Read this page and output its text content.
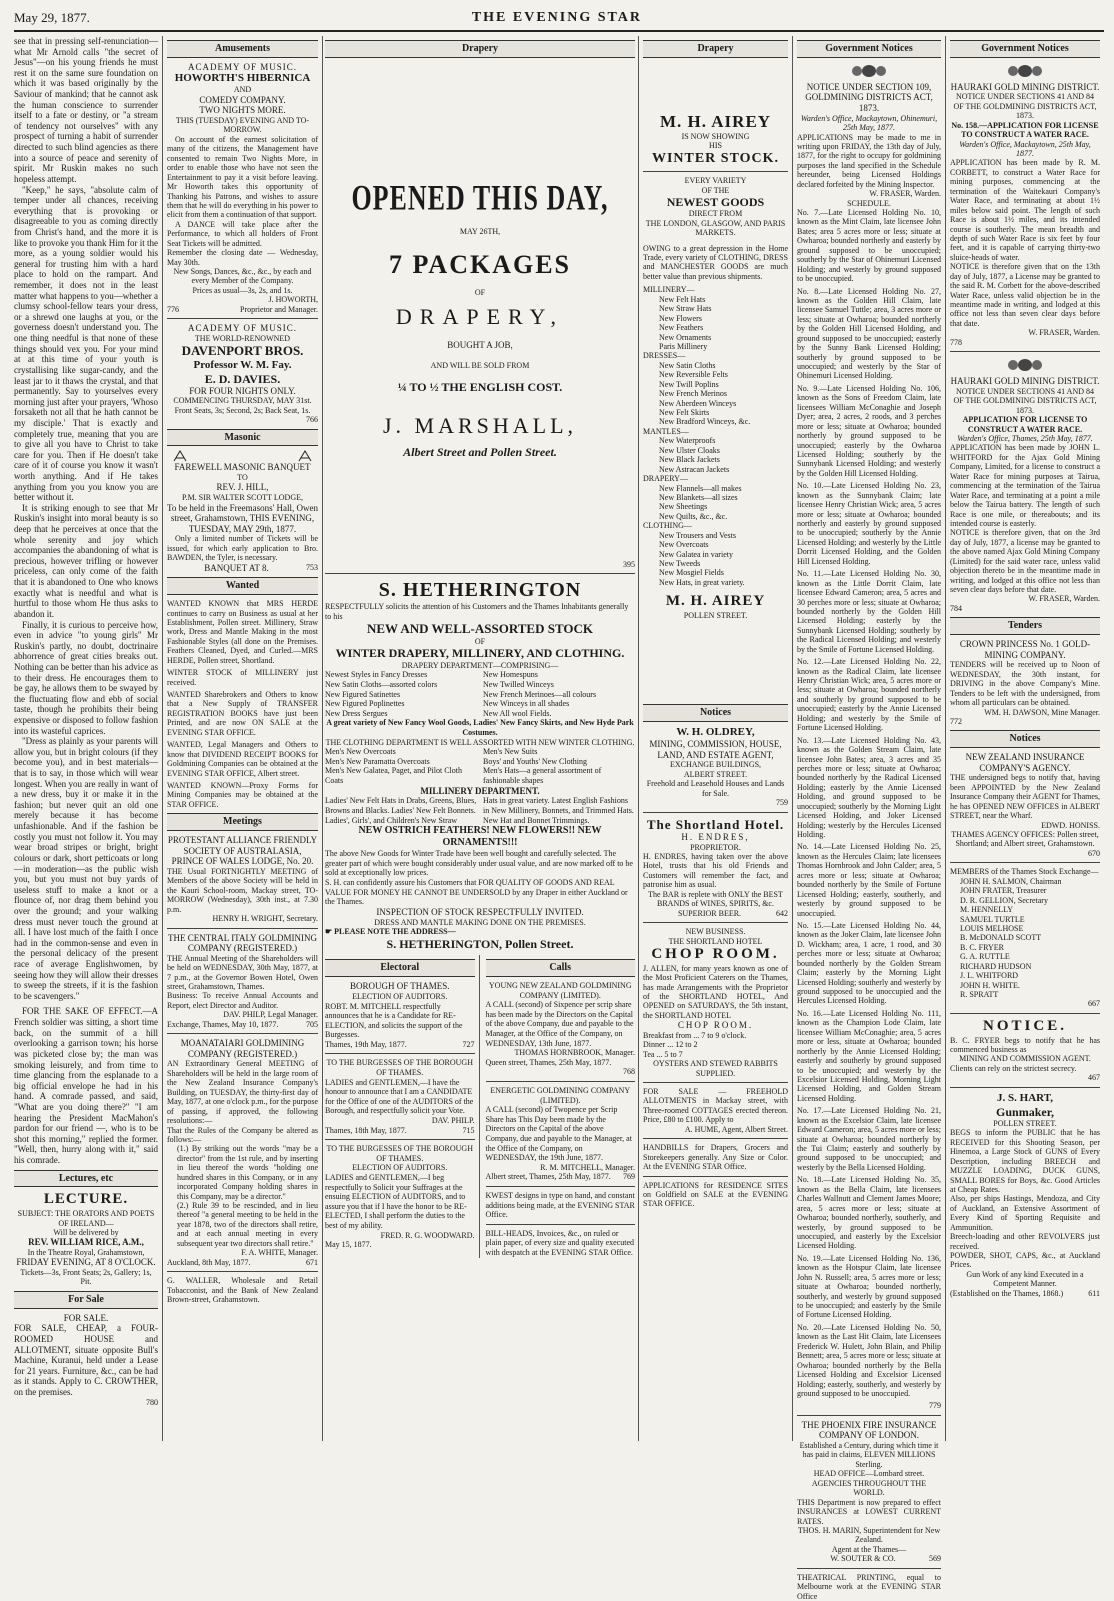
May 29, 1877.	THE EVENING STAR

see that in pressing self-renunciation— what Mr Arnold calls "the secret of Jesus"—on his young friends he must rest it on the same sure foundation on which it was based originally by the Saviour of mankind; that he cannot ask the human conscience to surrender itself to a fate or destiny, or "a stream of tendency not ourselves" with any prospect of turning a habit of surrender directed to such blind agencies as there into a source of peace and serenity of spirit. Mr Ruskin makes no such hopeless attempt.

"Keep," he says, "absolute calm of temper under all chances, receiving everything that is provoking or disagreeable to you as coming directly from Christ's hand, and the more it is like to provoke you thank Him for it the more, as a young soldier would his general for trusting him with a hard place to hold on the rampart. And remember, it does not in the least matter what happens to you—whether a clumsy school-fellow tears your dress, or a shrewd one laughs at you, or the governess doesn't understand you. The one thing needful is that none of these things should vex you. For your mind at at this time of your youth is crystallising like sugar-candy, and the least jar to it thaws the crystal, and that permanently. Say to yourselves every morning just after your prayers, 'Whoso forsaketh not all that he hath cannot be my disciple.' That is exactly and completely true, meaning that you are to give all you have to Christ to take care for you. Then if He doesn't take care of it of course you know it wasn't worth anything. And if He takes anything from you you know you are better without it.

It is striking enough to see that Mr Ruskin's insight into moral beauty is so deep that he perceives at once that the whole serenity and joy which accompanies the abandoning of what is precious, however trifling or however priceless, can only come of the faith that it is abandoned to One who knows exactly what is needful and what is hurtful to those whom He thus asks to abandon it.

Finally, it is curious to perceive how, even in advice "to young girls" Mr Ruskin's partly, no doubt, doctrinaire abhorrence of great cities breaks out. Nothing can be better than his advice as to their dress. He encourages them to be gay, he allows them to be swayed by the fluctuating flow and ebb of social taste, though he prohibits their being expensive or disposed to follow fashion into its wasteful caprices.

"Dress as plainly as your parents will allow you, but in bright colours (if they become you), and in best materials—that is to say, in those which will wear longest. When you are really in want of a new dress, buy it or make it in the fashion; but never quit an old one merely because it has become unfashionable. And if the fashion be costly you must not follow it. You may wear broad stripes or bright, bright colours or dark, short petticoats or long—in moderation—as the public wish you, but you must not buy yards of useless stuff to make a knot or a flounce of, nor drag them behind you over the ground; and your walking dress must never touch the ground at all. I have lost much of the faith I once had in the common-sense and even in the personal delicacy of the present race of average Englishwomen, by seeing how they will allow their dresses to sweep the streets, if it is the fashion to be scavengers."

FOR THE SAKE OF EFFECT.—A French soldier was sitting, a short time back, on the summit of a hill overlooking a garrison town; his horse was picketed close by; the man was smoking leisurely, and from time to time glancing from the esplanade to a big official envelope he had in his hand. A comrade passed, and said, "What are you doing there?" "I am hearing the President MacMahon's pardon for our friend —, who is to be shot this morning," replied the former. "Well, then, hurry along with it," said his comrade.

Lectures, etc
LECTURE.
SUBJECT: THE ORATORS AND POETS OF IRELAND—
Will be delivered by
REV. WILLIAM RICE, A.M.,
In the Theatre Royal, Grahamstown,
FRIDAY EVENING, AT 8 O'CLOCK.
Tickets—3s, Front Seats; 2s, Gallery; 1s, Pit.
For Sale
FOR SALE.

FOR SALE, CHEAP, a FOUR-ROOMED HOUSE and ALLOTMENT, situate opposite Bull's Machine, Kuranui, held under a Lease for 21 years. Furniture, &c., can be had as it stands. Apply to C. CROWTHER, on the premises.

780
Amusements
ACADEMY OF MUSIC.
HOWORTH'S HIBERNICA
AND
COMEDY COMPANY.
TWO NIGHTS MORE.
THIS (TUESDAY) EVENING AND TO-MORROW.

On account of the earnest solicitation of many of the citizens, the Management have consented to remain Two Nights More, in order to enable those who have not seen the Entertainment to pay it a visit before leaving. Mr Howorth takes this opportunity of Thanking his Patrons, and wishes to assure them that he will do everything in his power to elicit from them a continuation of that support.

A DANCE will take place after the Performance, to which all holders of Front Seat Tickets will be admitted.

Remember the closing date — Wednesday, May 30th.

New Songs, Dances, &c., &c., by each and every Member of the Company.

Prices as usual—3s, 2s, and 1s.

J. HOWORTH,
776	Proprietor and Manager.
ACADEMY OF MUSIC.
THE WORLD-RENOWNED
DAVENPORT BROS.
Professor W. M. Fay.
E. D. DAVIES.
FOR FOUR NIGHTS ONLY.
COMMENCING THURSDAY, MAY 31st.
Front Seats, 3s; Second, 2s; Back Seat, 1s.
766
Masonic
FAREWELL MASONIC BANQUET
TO
REV. J. HILL,
P.M. SIR WALTER SCOTT LODGE,

To be held in the Freemasons' Hall, Owen street, Grahamstown, THIS EVENING, TUESDAY, MAY 29th, 1877.

Only a limited number of Tickets will be issued, for which early application to Bro. BAWDEN, the Tyler, is necessary.

BANQUET AT 8.	753
Wanted

WANTED KNOWN that MRS HERDE continues to carry on Business as usual at her Establishment, Pollen street. Millinery, Straw work, Dress and Mantle Making in the most Fashionable Styles (all done on the Premises. Feathers Cleaned, Dyed, and Curled.—MRS HERDE, Pollen street, Shortland.

WINTER STOCK of MILLINERY just received.

WANTED Sharebrokers and Others to know that a New Supply of TRANSFER REGISTRATION BOOKS have just been Printed, and are now ON SALE at the EVENING STAR OFFICE.

WANTED, Legal Managers and Others to know that DIVIDEND RECEIPT BOOKS for Goldmining Companies can be obtained at the EVENING STAR OFFICE, Albert street.

WANTED KNOWN—Proxy Forms for Mining Companies may be obtained at the STAR OFFICE.

Meetings
PROTESTANT ALLIANCE FRIENDLY SOCIETY OF AUSTRALASIA, PRINCE OF WALES LODGE, No. 20.

THE Usual FORTNIGHTLY MEETING of Members of the above Society will be held in the Kauri School-room, Mackay street, TO-MORROW (Wednesday), 30th inst., at 7.30 p.m.

HENRY H. WRIGHT, Secretary.
THE CENTRAL ITALY GOLDMINING COMPANY (REGISTERED.)

THE Annual Meeting of the Shareholders will be held on WEDNESDAY, 30th May, 1877, at 7 p.m., at the Governor Bowen Hotel, Owen street, Grahamstown, Thames.

Business: To receive Annual Accounts and Report, elect Director and Auditor.

DAV. PHILP, Legal Manager.
Exchange, Thames, May 10, 1877.	705
MOANATAIARI GOLDMINING COMPANY (REGISTERED.)

AN Extraordinary General MEETING of Shareholders will be held in the large room of the New Zealand Insurance Company's Building, on TUESDAY, the thirty-first day of May, 1877, at one o'clock p.m., for the purpose of passing, if approved, the following resolutions:—

That the Rules of the Company be altered as follows:—

(1.) By striking out the words "may be a director" from the 1st rule, and by inserting in lieu thereof the words "holding one hundred shares in this Company, or in any incorporated Company holding shares in this Company, may be a director."

(2.) Rule 39 to be rescinded, and in lieu thereof "a general meeting to be held in the year 1878, two of the directors shall retire, and at each annual meeting in every subsequent year two directors shall retire."

F. A. WHITE, Manager.
Auckland, 8th May, 1877.	671

G. WALLER, Wholesale and Retail Tobacconist, and the Bank of New Zealand Brown-street, Grahamstown.

Drapery
OPENED THIS DAY,
MAY 26TH,
7 PACKAGES
OF
DRAPERY,
BOUGHT A JOB,
AND WILL BE SOLD FROM
¼ TO ½ THE ENGLISH COST.
J. MARSHALL,
Albert Street and Pollen Street.
395
S. HETHERINGTON

RESPECTFULLY solicits the attention of his Customers and the Thames Inhabitants generally to his

NEW AND WELL-ASSORTED STOCK
OF
WINTER DRAPERY, MILLINERY, AND CLOTHING.
DRAPERY DEPARTMENT—COMPRISING—
Newest Styles in Fancy Dresses
New Satin Cloths—assorted colors
New Figured Satinettes
New Figured Poplinettes
New Dress Sergues
New Homespuns
New Twilled Winceys
New French Merinoes—all colours
New Winceys in all shades
New All wool Fields.

A great variety of New Fancy Wool Goods, Ladies' New Fancy Skirts, and New Hyde Park Costumes.

THE CLOTHING DEPARTMENT IS WELL ASSORTED WITH NEW WINTER CLOTHING.
Men's New Overcoats
Men's New Paramatta Overcoats
Men's New Galatea, Paget, and Pilot Cloth Coats
Men's New Suits
Boys' and Youths' New Clothing
Men's Hats—a general assortment of fashionable shapes
MILLINERY DEPARTMENT.
Ladies' New Felt Hats in Drabs, Greens, Blues, Browns and Blacks. Ladies' New Felt Bonnets. Ladies', Girls', and Children's New Straw
Hats in great variety. Latest English Fashions in New Millinery, Bonnets, and Trimmed Hats. New Hat and Bonnet Trimmings.
NEW OSTRICH FEATHERS! NEW FLOWERS!! NEW ORNAMENTS!!!

The above New Goods for Winter Trade have been well bought and carefully selected. The greater part of which were bought considerably under usual value, and are now marked off to be sold at exceptionally low prices.

S. H. can confidently assure his Customers that FOR QUALITY OF GOODS AND REAL VALUE FOR MONEY HE CANNOT BE UNDERSOLD by any Draper in either Auckland or the Thames.

INSPECTION OF STOCK RESPECTFULLY INVITED.
DRESS AND MANTLE MAKING DONE ON THE PREMISES.
☛ PLEASE NOTE THE ADDRESS—
S. HETHERINGTON, Pollen Street.
Electoral
BOROUGH OF THAMES.
ELECTION OF AUDITORS.

ROBT. M. MITCHELL respectfully announces that he is a Candidate for RE-ELECTION, and solicits the support of the Burgesses.

Thames, 19th May, 1877.	727
TO THE BURGESSES OF THE BOROUGH OF THAMES.

LADIES and GENTLEMEN,—I have the honour to announce that I am a CANDIDATE for the Office of one of the AUDITORS of the Borough, and respectfully solicit your Vote.

DAV. PHILP.
Thames, 18th May, 1877.	715
TO THE BURGESSES OF THE BOROUGH OF THAMES.
ELECTION OF AUDITORS.

LADIES and GENTLEMEN,—I beg respectfully to Solicit your Suffrages at the ensuing ELECTION of AUDITORS, and to assure you that if I have the honor to be RE-ELECTED, I shall perform the duties to the best of my ability.

FRED. R. G. WOODWARD.
May 15, 1877.
Calls
YOUNG NEW ZEALAND GOLDMINING COMPANY (LIMITED).

A CALL (second) of Sixpence per scrip share has been made by the Directors on the Capital of the above Company, due and payable to the Manager, at the Office of the Company, on WEDNESDAY, 13th June, 1877.

THOMAS HORNBROOK, Manager.
Queen street, Thames, 25th May, 1877.
768
ENERGETIC GOLDMINING COMPANY (LIMITED).

A CALL (second) of Twopence per Scrip Share has This Day been made by the Directors on the Capital of the above Company, due and payable to the Manager, at the Office of the Company, on WEDNESDAY, the 19th June, 1877.

R. M. MITCHELL, Manager.
Albert street, Thames, 25th May, 1877. 769

KWEST designs in type on hand, and constant additions being made, at the EVENING STAR Office.

BILL-HEADS, Invoices, &c., on ruled or plain paper, of every size and quality executed with despatch at the EVENING STAR Office.

Drapery
M. H. AIREY
IS NOW SHOWING
HIS
WINTER STOCK.
EVERY VARIETY
OF THE
NEWEST GOODS
DIRECT FROM
THE LONDON, GLASGOW, AND PARIS MARKETS.

OWING to a great depression in the Home Trade, every variety of CLOTHING, DRESS and MANCHESTER GOODS are much better value than previous shipments.

MILLINERY—
New Felt Hats
New Straw Hats
New Flowers
New Feathers
New Ornaments
Paris Millinery
DRESSES—
New Satin Cloths
New Reversible Felts
New Twill Poplins
New French Merinos
New Aberdeen Winceys
New Felt Skirts
New Bradford Winceys, &c.
MANTLES—
New Waterproofs
New Ulster Cloaks
New Black Jackets
New Astracan Jackets
DRAPERY—
New Flannels—all makes
New Blankets—all sizes
New Sheetings
New Quilts, &c., &c.
CLOTHING—
New Trousers and Vests
New Overcoats
New Galatea in variety
New Tweeds
New Mosgiel Fields
New Hats, in great variety.
M. H. AIREY
POLLEN STREET.
Notices
W. H. OLDREY,
MINING, COMMISSION, HOUSE, LAND, AND ESTATE AGENT,
EXCHANGE BUILDINGS,
ALBERT STREET.
Freehold and Leasehold Houses and Lands for Sale.
759
The Shortland Hotel.
H. ENDRES,
PROPRIETOR.

H. ENDRES, having taken over the above Hotel, trusts that his old Friends and Customers will remember the fact, and patronise him as usual.

The BAR is replete with ONLY the BEST BRANDS of WINES, SPIRITS, &c.

SUPERIOR BEER.	642
NEW BUSINESS.
THE SHORTLAND HOTEL
CHOP ROOM.

J. ALLEN, for many years known as one of the Most Proficient Caterers on the Thames, has made Arrangements with the Proprietor of the SHORTLAND HOTEL, And OPENED on SATURDAYS, the 5th instant, the SHORTLAND HOTEL

CHOP ROOM.
Breakfast from ... 7 to 9 o'clock.
Dinner ... 12 to 2
Tea ... 5 to 7
OYSTERS AND STEWED RABBITS SUPPLIED.

FOR SALE — FREEHOLD ALLOTMENTS in Mackay street, with Three-roomed COTTAGES erected thereon. Price, £80 to £100. Apply to

A. HUME, Agent, Albert Street.

HANDBILLS for Drapers, Grocers and Storekeepers generally. Any Size or Color. At the EVENING STAR Office.

APPLICATIONS for RESIDENCE SITES on Goldfield on SALE at the EVENING STAR OFFICE.

Government Notices
NOTICE UNDER SECTION 109, GOLDMINING DISTRICTS ACT, 1873.
Warden's Office, Mackaytown, Ohinemuri, 25th May, 1877.

APPLICATIONS may be made to me in writing upon FRIDAY, the 13th day of July, 1877, for the right to occupy for goldmining purposes the land specified in the Schedule hereunder, being Licensed Holdings declared forfeited by the Mining Inspector.

W. FRASER, Warden.
SCHEDULE.

No. 7.—Late Licensed Holding No. 10, known as the Mint Claim, late licensee John Bates; area 5 acres more or less; situate at Owharoa; bounded northerly and easterly by ground supposed to be unoccupied; southerly by the Star of Ohinemuri Licensed Holding; and westerly by ground supposed to be unoccupied.

No. 8.—Late Licensed Holding No. 27, known as the Golden Hill Claim, late licensee Samuel Tuttle; area, 3 acres more or less; situate at Owharoa; bounded northerly by the Golden Hill Licensed Holding, and ground supposed to be unoccupied; easterly by the Sunny Bank Licensed Holding; southerly by ground supposed to be unoccupied; and westerly by the Star of Ohinemuri Licensed Holding.

No. 9.—Late Licensed Holding No. 106, known as the Sons of Freedom Claim, late licensees William McConaghie and Joseph Dyer; area, 2 acres, 2 roods, and 3 perches more or less; situate at Owharoa; bounded northerly by ground supposed to be unoccupied; easterly by the Owharoa Licensed Holding; southerly by the Sunnybank Licensed Holding; and westerly by the Golden Hill Licensed Holding.

No. 10.—Late Licensed Holding No. 23, known as the Sunnybank Claim; late licensee Henry Christian Wick; area, 5 acres more or less; situate at Owharoa; bounded northerly and easterly by ground supposed to be unoccupied; southerly by the Annie Licensed Holding; and westerly by the Little Dorrit Licensed Holding, and the Golden Hill Licensed Holding.

No. 11.—Late Licensed Holding No. 30, known as the Little Dorrit Claim, late licensee Edward Cameron; area, 5 acres and 30 perches more or less; situate at Owharoa; bounded northerly by the Golden Hill Licensed Holding; easterly by the Sunnybank Licensed Holding; southerly by the Radical Licensed Holding; and westerly by the Smile of Fortune Licensed Holding.

No. 12.—Late Licensed Holding No. 22, known as the Radical Claim, late licensee Henry Christian Wick; area, 5 acres more or less; situate at Owharoa; bounded northerly and southerly by ground supposed to be unoccupied; easterly by the Annie Licensed Holding; and westerly by the Smile of Fortune Licensed Holding.

No. 13.—Late Licensed Holding No. 43, known as the Golden Stream Claim, late licensee John Bates; area, 3 acres and 35 perches more or less; situate at Owharoa; bounded northerly by the Radical Licensed Holding; easterly by the Annie Licensed Holding, and ground supposed to be unoccupied; southerly by the Morning Light Licensed Holding, and Joker Licensed Holding; westerly by the Hercules Licensed Holding.

No. 14.—Late Licensed Holding No. 25, known as the Hercules Claim; late licensees Thomas Hornbrook and John Calder; area, 5 acres more or less; situate at Owharoa; bounded northerly by the Smile of Fortune Licensed Holding; easterly, southerly, and westerly by ground supposed to be unoccupied.

No. 15.—Late Licensed Holding No. 44, known as the Joker Claim, late licensee John D. Wickham; area, 1 acre, 1 rood, and 30 perches more or less; situate at Owharoa; bounded northerly by the Golden Stream Claim; easterly by the Morning Light Licensed Holding; southerly and westerly by ground supposed to be unoccupied and the Hercules Licensed Holding.

No. 16.—Late Licensed Holding No. 111, known as the Champion Lode Claim, late licensee William McConaghie; area, 5 acres more or less, situate at Owharoa; bounded northerly by the Annie Licensed Holding; easterly and southerly by ground supposed to be unoccupied; and westerly by the Excelsior Licensed Holding, Morning Light Licensed Holding, and Golden Stream Licensed Holding.

No. 17.—Late Licensed Holding No. 21, known as the Excelsior Claim, late licensee Edward Cameron; area, 5 acres more or less; situate at Owharoa; bounded northerly by the Tui Claim; easterly and southerly by ground supposed to be unoccupied; and westerly by the Bella Licensed Holding.

No. 18.—Late Licensed Holding No. 35, known as the Bella Claim, late licensees Charles Wallnutt and Clement James Moore; area, 5 acres more or less; situate at Owharoa; bounded northerly, southerly, and westerly, by ground supposed to be unoccupied, and easterly by the Excelsior Licensed Holding.

No. 19.—Late Licensed Holding No. 136, known as the Hotspur Claim, late licensee John N. Russell; area, 5 acres more or less; situate at Owharoa; bounded northerly, southerly, and westerly by ground supposed to be unoccupied; and easterly by the Smile of Fortune Licensed Holding.

No. 20.—Late Licensed Holding No. 50, known as the Last Hit Claim, late Licensees Frederick W. Hulett, John Blain, and Philip Bennett; area, 5 acres more or less; situate at Owharoa; bounded northerly by the Bella Licensed Holding and Excelsior Licensed Holding; easterly, southerly, and westerly by ground supposed to be unoccupied.

779
THE PHOENIX FIRE INSURANCE COMPANY OF LONDON.

Established a Century, during which time it has paid in claims, ELEVEN MILLIONS Sterling.

HEAD OFFICE—Lombard street.
AGENCIES THROUGHOUT THE WORLD.

THIS Department is now prepared to effect INSURANCES at LOWEST CURRENT RATES.

THOS. H. MARIN, Superintendent for New Zealand.
Agent at the Thames—
W. SOUTER & CO.	569

THEATRICAL PRINTING, equal to Melbourne work at the EVENING STAR Office

Government Notices
HAURAKI GOLD MINING DISTRICT.
NOTICE UNDER SECTIONS 41 AND 84 OF THE GOLDMINING DISTRICTS ACT, 1873.
No. 158.—APPLICATION FOR LICENSE TO CONSTRUCT A WATER RACE.
Warden's Office, Mackaytown, 25th May, 1877.

APPLICATION has been made by R. M. CORBETT, to construct a Water Race for mining purposes, commencing at the termination of the Waitekauri Company's Water Race, and terminating at about 1½ miles below said point. The length of such Race is about 1½ miles, and its intended course is southerly. The mean breadth and depth of such Water Race is six feet by four feet, and it is capable of carrying thirty-two sluice-heads of water.

NOTICE is therefore given that on the 13th day of July, 1877, a License may be granted to the said R. M. Corbett for the above-described Water Race, unless valid objection be in the meantime made in writing, and lodged at this office not less than seven clear days before that date.

W. FRASER, Warden.
778
HAURAKI GOLD MINING DISTRICT.
NOTICE UNDER SECTIONS 41 AND 84 OF THE GOLDMINING DISTRICTS ACT, 1873.
APPLICATION FOR LICENSE TO CONSTRUCT A WATER RACE.
Warden's Office, Thames, 25th May, 1877.

APPLICATION has been made by JOHN L. WHITFORD for the Ajax Gold Mining Company, Limited, for a license to construct a Water Race for mining purposes at Tairua, commencing at the termination of the Tairua Water Race, and terminating at a point a mile below the Tairua battery. The length of such Race is one mile, or thereabouts; and its intended course is easterly.

NOTICE is therefore given, that on the 3rd day of July, 1877, a license may be granted to the above named Ajax Gold Mining Company (Limited) for the said water race, unless valid objection thereto be in the meantime made in writing, and lodged at this office not less than seven clear days before that date.

W. FRASER, Warden.
784
Tenders
CROWN PRINCESS No. 1 GOLD-MINING COMPANY.

TENDERS will be received up to Noon of WEDNESDAY, the 30th instant, for DRIVING in the above Company's Mine. Tenders to be left with the undersigned, from whom all particulars can be obtained.

WM. H. DAWSON, Mine Manager.
772
Notices
NEW ZEALAND INSURANCE COMPANY'S AGENCY.

THE undersigned begs to notify that, having been APPOINTED by the New Zealand Insurance Company their AGENT for Thames, he has OPENED NEW OFFICES in ALBERT STREET, near the Wharf.

EDWD. HONISS.

THAMES AGENCY OFFICES: Pollen street, Shortland; and Albert street, Grahamstown.

670

MEMBERS of the Thames Stock Exchange—

JOHN H. SALMON, Chairman
JOHN FRATER, Treasurer
D. R. GELLION, Secretary
M. HENNELLY
SAMUEL TURTLE
LOUIS MELHOSE
B. McDONALD SCOTT
B. C. FRYER
G. A. RUTTLE
RICHARD HUDSON
J. L. WHITFORD
JOHN H. WHITE.
R. SPRATT
667
NOTICE.

B. C. FRYER begs to notify that he has commenced business as

MINING AND COMMISSION AGENT.

Clients can rely on the strictest secrecy.

467
J. S. HART,
Gunmaker,
POLLEN STREET.

BEGS to inform the PUBLIC that he has RECEIVED for this Shooting Season, per Hinemoa, a Large Stock of GUNS of Every Description, including BREECH and MUZZLE LOADING, DUCK GUNS, SMALL BORES for Boys, &c. Good Articles at Cheap Rates.

Also, per ships Hastings, Mendoza, and City of Auckland, an Extensive Assortment of Every Kind of Sporting Requisite and Ammunition.

Breech-loading and other REVOLVERS just received.

POWDER, SHOT, CAPS, &c., at Auckland Prices.

Gun Work of any kind Executed in a Competent Manner.

(Established on the Thames, 1868.)	611
